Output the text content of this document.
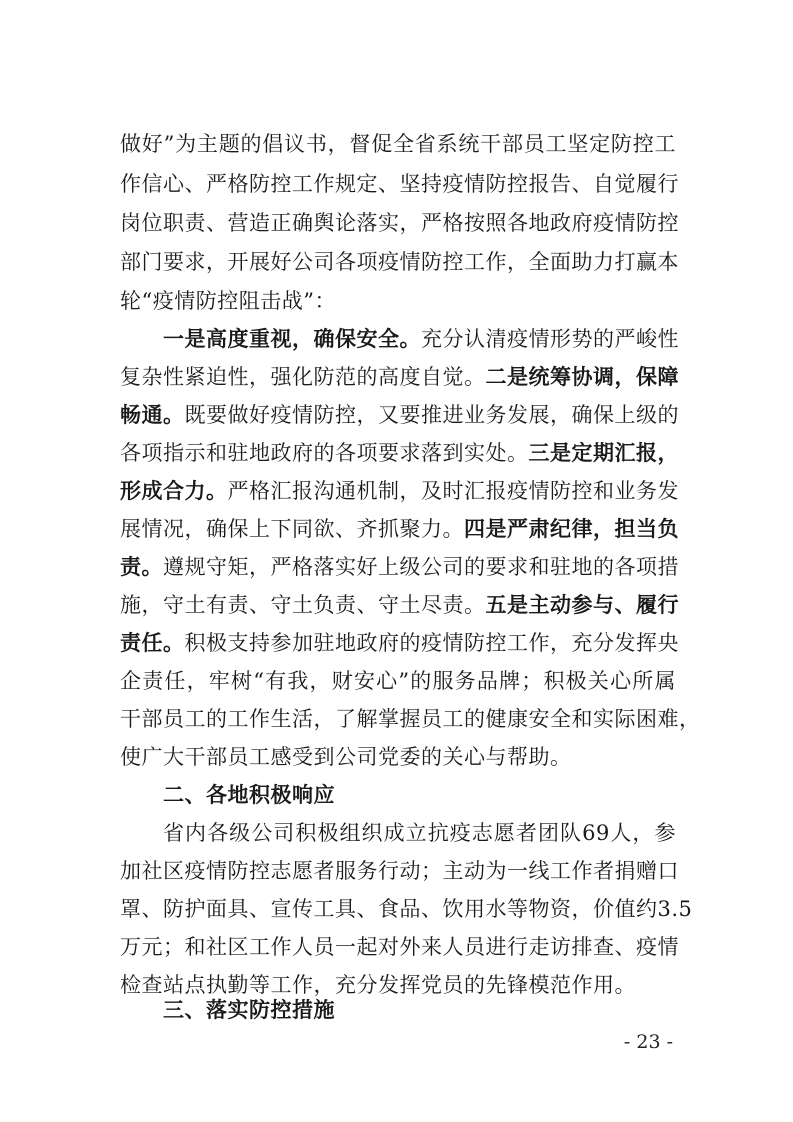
做好”为主题的倡议书，督促全省系统干部员工坚定防控工
作信心、严格防控工作规定、坚持疫情防控报告、自觉履行
岗位职责、营造正确舆论落实，严格按照各地政府疫情防控
部门要求，开展好公司各项疫情防控工作，全面助力打赢本
轮“疫情防控阻击战”：
一是高度重视，确保安全。充分认清疫情形势的严峻性
复杂性紧迫性，强化防范的高度自觉。二是统筹协调，保障
畅通。既要做好疫情防控，又要推进业务发展，确保上级的
各项指示和驻地政府的各项要求落到实处。三是定期汇报，
形成合力。严格汇报沟通机制，及时汇报疫情防控和业务发
展情况，确保上下同欲、齐抓聚力。四是严肃纪律，担当负
责。遵规守矩，严格落实好上级公司的要求和驻地的各项措
施，守土有责、守土负责、守土尽责。五是主动参与、履行
责任。积极支持参加驻地政府的疫情防控工作，充分发挥央
企责任，牢树“有我，财安心”的服务品牌；积极关心所属
干部员工的工作生活，了解掌握员工的健康安全和实际困难，
使广大干部员工感受到公司党委的关心与帮助。
二、各地积极响应
省内各级公司积极组织成立抗疫志愿者团队69人，参
加社区疫情防控志愿者服务行动；主动为一线工作者捐赠口
罩、防护面具、宣传工具、食品、饮用水等物资，价值约3.5
万元；和社区工作人员一起对外来人员进行走访排查、疫情
检查站点执勤等工作，充分发挥党员的先锋模范作用。
三、落实防控措施
- 23 -
